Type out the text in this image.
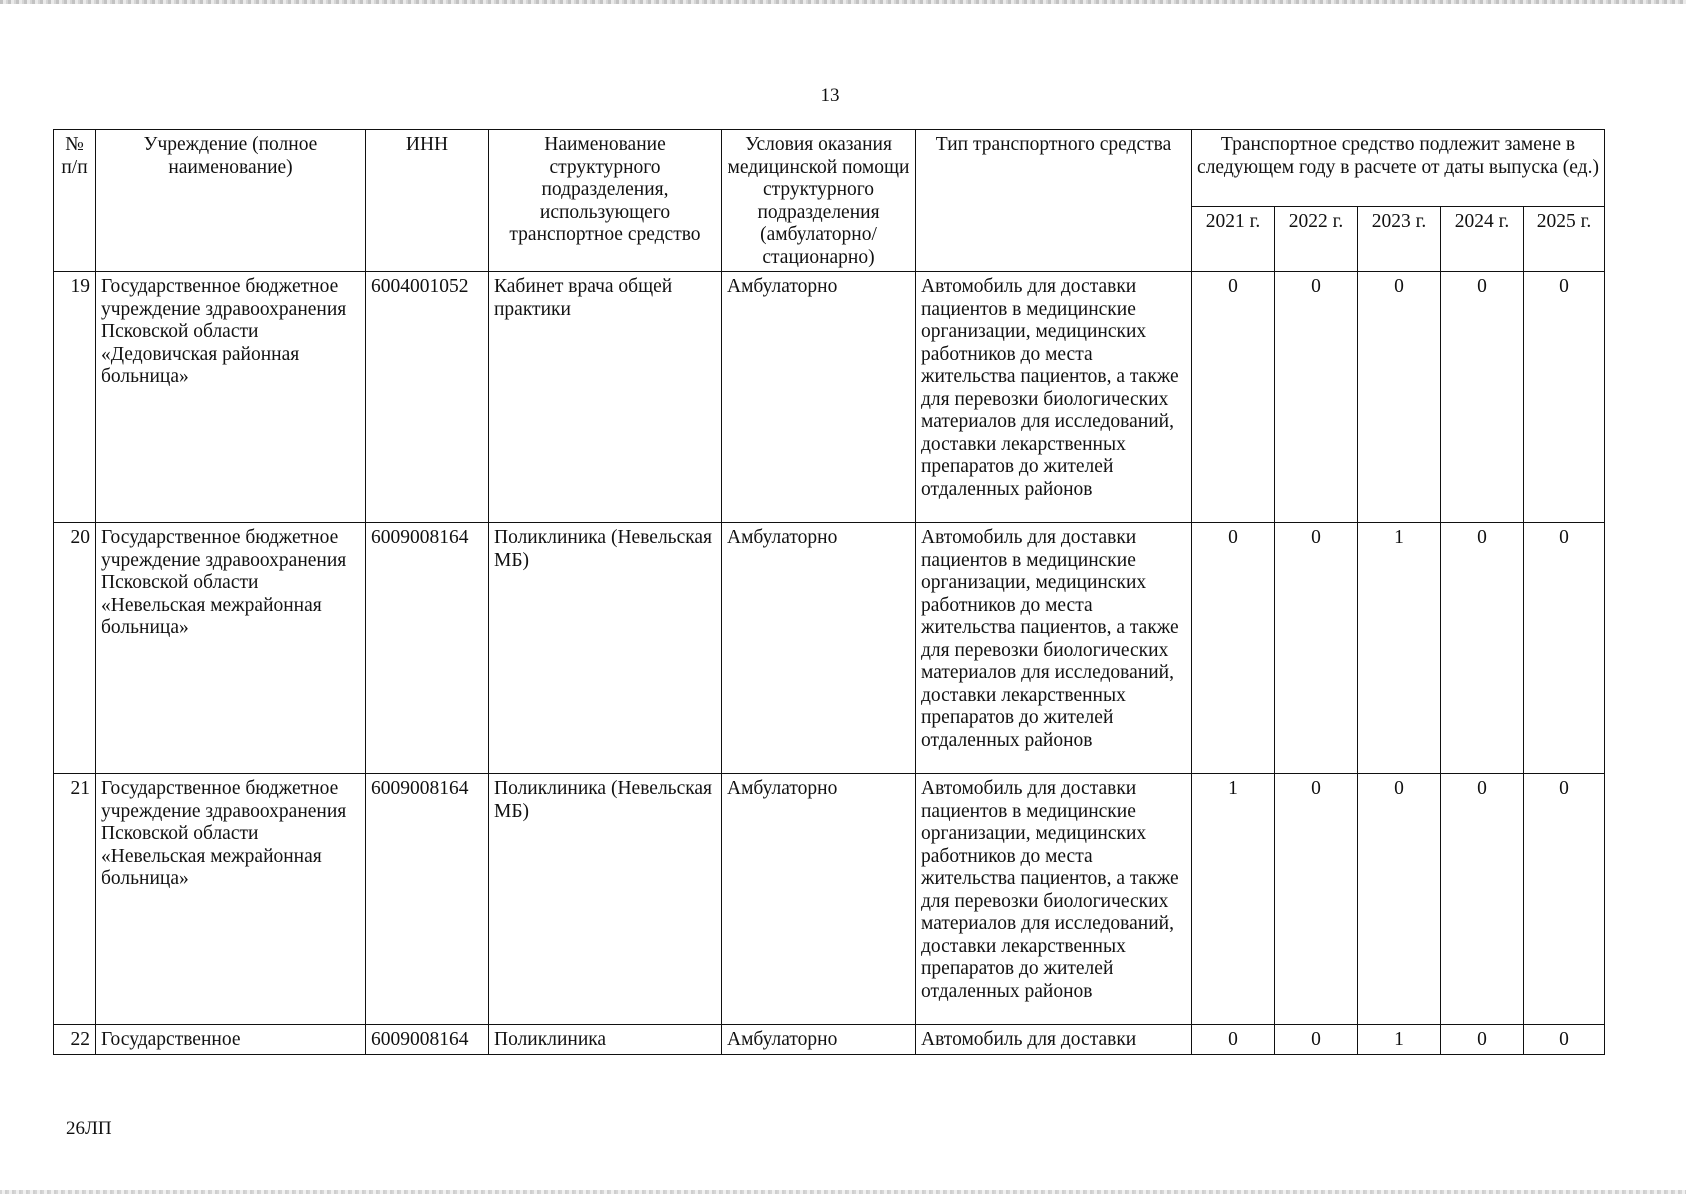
13
№ п/п	Учреждение (полное наименование)	ИНН	Наименование структурного подразделения, использующего транспортное средство	Условия оказания медицинской помощи структурного подразделения (амбулаторно/ стационарно)	Тип транспортного средства	Транспортное средство подлежит замене в следующем году в расчете от даты выпуска (ед.)				
						2021 г.	2022 г.	2023 г.	2024 г.	2025 г.
19	Государственное бюджетное учреждение здравоохранения Псковской области «Дедовичская районная больница»	6004001052	Кабинет врача общей практики	Амбулаторно	Автомобиль для доставки пациентов в медицинские организации, медицинских работников до места жительства пациентов, а также для перевозки биологических материалов для исследований, доставки лекарственных препаратов до жителей отдаленных районов	0	0	0	0	0
20	Государственное бюджетное учреждение здравоохранения Псковской области «Невельская межрайонная больница»	6009008164	Поликлиника (Невельская МБ)	Амбулаторно	Автомобиль для доставки пациентов в медицинские организации, медицинских работников до места жительства пациентов, а также для перевозки биологических материалов для исследований, доставки лекарственных препаратов до жителей отдаленных районов	0	0	1	0	0
21	Государственное бюджетное учреждение здравоохранения Псковской области «Невельская межрайонная больница»	6009008164	Поликлиника (Невельская МБ)	Амбулаторно	Автомобиль для доставки пациентов в медицинские организации, медицинских работников до места жительства пациентов, а также для перевозки биологических материалов для исследований, доставки лекарственных препаратов до жителей отдаленных районов	1	0	0	0	0
22	Государственное	6009008164	Поликлиника	Амбулаторно	Автомобиль для доставки	0	0	1	0	0
26ЛП
